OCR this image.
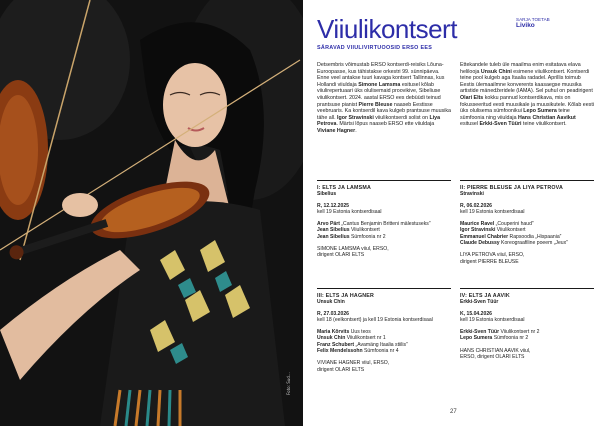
Foto: Sud…
Viiulikontsert	SARJA TOETAB
Liviko
SÄRAVAD VIIULIVIRTUOOSID ERSO EES
Detsembris võimustab ERSO kontserdi-reisiks Lõuna-Euroopasse, kus tähistakse orkestri 99. sünnipäeva. Enne veel antakse tuuri kavaga kontsert Tallinnas, kus Hollandi viiuldaja Simone Lamsma esitusel kõlab viiulirepertuaari üks olulisemaid proovikive, Sibeliuse viiulikontsert. 2024. aastal ERSO ees debüüdi teinud prantsuse pianist Pierre Bleuse naaseb Eestisse veebruaris. Ka kontserdil kava kulgeb prantsuse muusika tähe all. Igor Stravinski viiulikontserdi solist on Liya Petrova. Märtsi lõpus naaseb ERSO ette viiuldaja Viviane Hagner.
Ettekandele tuleb üle maailma enim esitatava elava helilooja Unsuk Chini esimene viiulikontsert. Kontserdi teine pool kulgeb aga Itaalia radadel. Aprillis toimub Eestis ülemaailmne konverents kaasaegse muusika artistide mänedžeridele (IAMA). Sel puhul on peadirigent Olari Elts kokku pannud kontserdikava, mis on fokusseeritud eesti muusikale ja muusikutele. Kõlab eesti üks olulisema sümfoonikui Lepo Sumera teine sümfoonia ning viiuldaja Hans Christian Aavikut esitusel Erkki-Sven Tüüri teine viiulikontsert.
I: ELTS JA LAMSMA
Sibelius
R, 12.12.2025
kell 19 Estonia kontserdisaal
Arvo Pärt „Cantus Benjamin Britteni mälestuseks”
Jean Sibelius Viiulikontsert
Jean Sibelius Sümfoonia nr 2
SIMONE LAMSMA viiul, ERSO,
dirigent OLARI ELTS
II: PIERRE BLEUSE JA LIYA PETROVA
Stravinski
R, 06.02.2026
kell 19 Estonia kontserdisaal
Maurice Ravel „Couperini haud”
Igor Stravinski Viiulikontsert
Emmanuel Chabrier Rapsoodia „Hispaania”
Claude Debussy Koreograafiline poeem „Jeux”
LIYA PETROVA viiul, ERSO,
dirigent PIERRE BLEUSE
III: ELTS JA HAGNER
Unsuk Chin
R, 27.03.2026
kell 18 (eelkontsert) ja kell 19 Estonia kontserdisaal
Maria Kõrvits Uus teos
Unsuk Chin Viiulikontsert nr 1
Franz Schubert „Avamäng Itaalia stiilis”
Felix Mendelssohn Sümfoonia nr 4
VIVIANE HAGNER viiul, ERSO,
dirigent OLARI ELTS
IV: ELTS JA AAVIK
Erkki-Sven Tüür
K, 15.04.2026
kell 19 Estonia kontserdisaal
Erkki-Sven Tüür Viiulikontsert nr 2
Lepo Sumera Sümfoonia nr 2
HANS CHRISTIAN AAVIK viiul,
ERSO, dirigent OLARI ELTS
27
